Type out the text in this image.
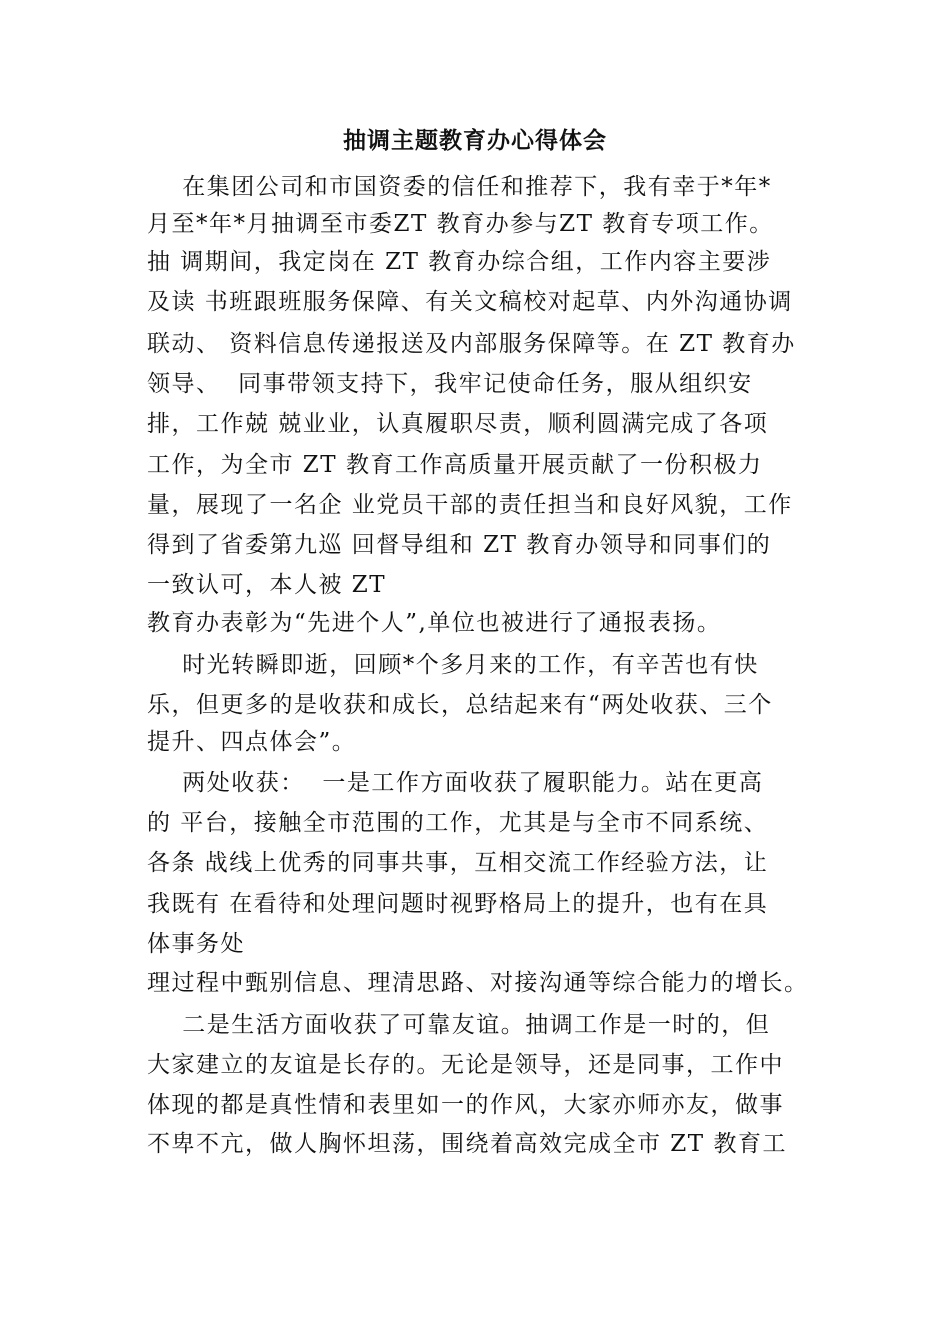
抽调主题教育办心得体会
在集团公司和市国资委的信任和推荐下，我有幸于*年*
月至*年*月抽调至市委ZT 教育办参与ZT 教育专项工作。
抽 调期间，我定岗在 ZT 教育办综合组，工作内容主要涉
及读 书班跟班服务保障、有关文稿校对起草、内外沟通协调
联动、 资料信息传递报送及内部服务保障等。在 ZT 教育办
领导、  同事带领支持下，我牢记使命任务，服从组织安
排，工作兢 兢业业，认真履职尽责，顺利圆满完成了各项
工作，为全市 ZT 教育工作高质量开展贡献了一份积极力
量，展现了一名企 业党员干部的责任担当和良好风貌，工作
得到了省委第九巡 回督导组和 ZT 教育办领导和同事们的
一致认可，本人被 ZT
教育办表彰为“先进个人”,单位也被进行了通报表扬。
时光转瞬即逝，回顾*个多月来的工作，有辛苦也有快
乐，但更多的是收获和成长，总结起来有“两处收获、三个
提升、四点体会”。
两处收获：  一是工作方面收获了履职能力。站在更高
的 平台，接触全市范围的工作，尤其是与全市不同系统、
各条 战线上优秀的同事共事，互相交流工作经验方法，让
我既有 在看待和处理问题时视野格局上的提升，也有在具
体事务处
理过程中甄别信息、理清思路、对接沟通等综合能力的增长。
二是生活方面收获了可靠友谊。抽调工作是一时的，但
大家建立的友谊是长存的。无论是领导，还是同事，工作中
体现的都是真性情和表里如一的作风，大家亦师亦友，做事
不卑不亢，做人胸怀坦荡，围绕着高效完成全市 ZT 教育工
